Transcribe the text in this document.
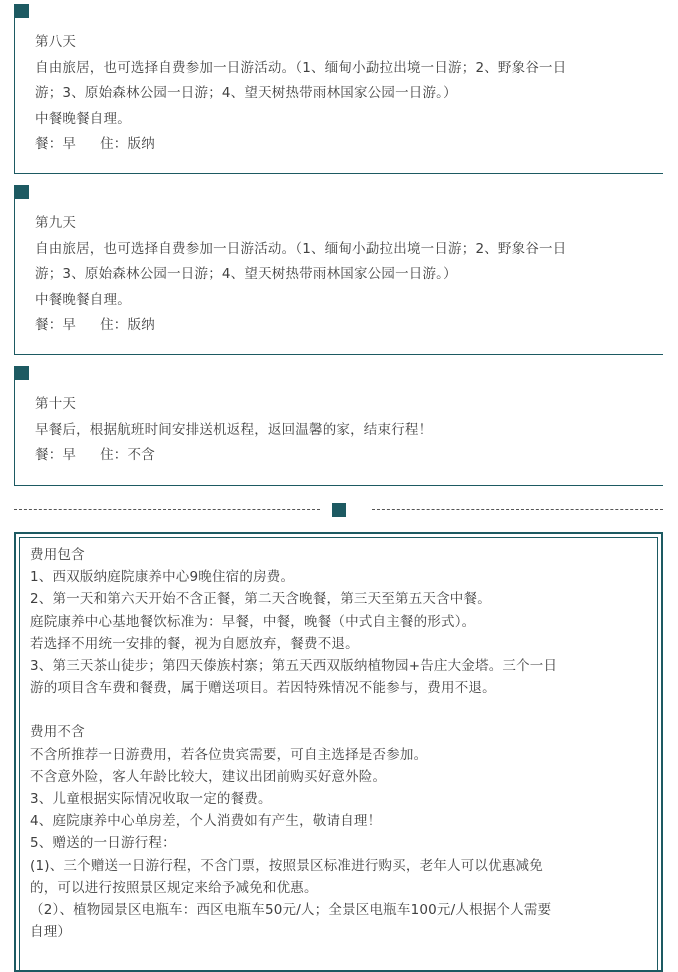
第八天
自由旅居，也可选择自费参加一日游活动。（1、缅甸小勐拉出境一日游；2、野象谷一日
游；3、原始森林公园一日游；4、望天树热带雨林国家公园一日游。）
中餐晚餐自理。
餐：早 住：版纳
第九天
自由旅居，也可选择自费参加一日游活动。（1、缅甸小勐拉出境一日游；2、野象谷一日
游；3、原始森林公园一日游；4、望天树热带雨林国家公园一日游。）
中餐晚餐自理。
餐：早 住：版纳
第十天
早餐后，根据航班时间安排送机返程，返回温馨的家，结束行程！
餐：早 住：不含
费用包含
1、西双版纳庭院康养中心9晚住宿的房费。
2、第一天和第六天开始不含正餐，第二天含晚餐，第三天至第五天含中餐。
庭院康养中心基地餐饮标准为：早餐，中餐，晚餐（中式自主餐的形式）。
若选择不用统一安排的餐，视为自愿放弃，餐费不退。
3、第三天茶山徒步；第四天傣族村寨；第五天西双版纳植物园+告庄大金塔。三个一日
游的项目含车费和餐费，属于赠送项目。若因特殊情况不能参与，费用不退。
费用不含
不含所推荐一日游费用，若各位贵宾需要，可自主选择是否参加。
不含意外险，客人年龄比较大，建议出团前购买好意外险。
3、儿童根据实际情况收取一定的餐费。
4、庭院康养中心单房差，个人消费如有产生，敬请自理！
5、赠送的一日游行程：
(1)、三个赠送一日游行程，不含门票，按照景区标准进行购买，老年人可以优惠减免
的，可以进行按照景区规定来给予减免和优惠。
（2）、植物园景区电瓶车：西区电瓶车50元/人；全景区电瓶车100元/人根据个人需要
自理）
